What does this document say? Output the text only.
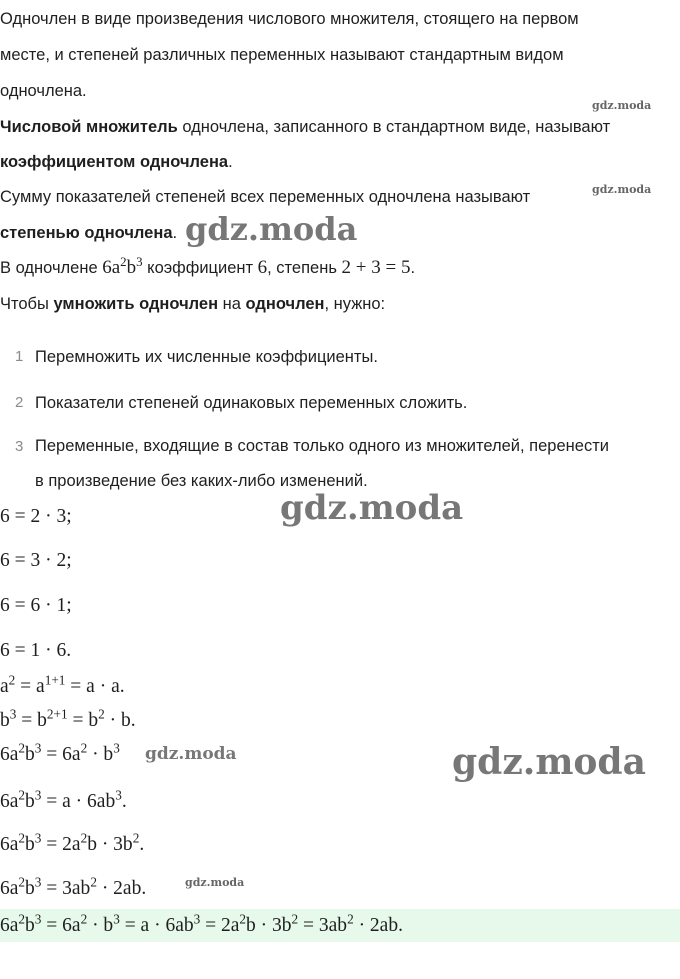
Одночлен в виде произведения числового множителя, стоящего на первом
месте, и степеней различных переменных называют стандартным видом
одночлена.
Числовой множитель одночлена, записанного в стандартном виде, называют
коэффициентом одночлена.
Сумму показателей степеней всех переменных одночлена называют
степенью одночлена.
В одночлене $6a^2b^3$ коэффициент 6, степень 2 + 3 = 5.
Чтобы умножить одночлен на одночлен, нужно:
1 Перемножить их численные коэффициенты.
2 Показатели степеней одинаковых переменных сложить.
3 Переменные, входящие в состав только одного из множителей, перенести
в произведение без каких-либо изменений.
6 = 2 · 3;
6 = 3 · 2;
6 = 6 · 1;
6 = 1 · 6.
$a^2 = a^{1+1} = a \cdot a$.
$b^3 = b^{2+1} = b^2 \cdot b$.
$6a^2b^3 = 6a^2 \cdot b^3$
$6a^2b^3 = a \cdot 6ab^3$.
$6a^2b^3 = 2a^2b \cdot 3b^2$.
$6a^2b^3 = 3ab^2 \cdot 2ab$.
$6a^2b^3 = 6a^2 \cdot b^3 = a \cdot 6ab^3 = 2a^2b \cdot 3b^2 = 3ab^2 \cdot 2ab$.
gdz.moda
gdz.moda
gdz.moda
gdz.moda
gdz.moda	gdz.moda
gdz.moda
